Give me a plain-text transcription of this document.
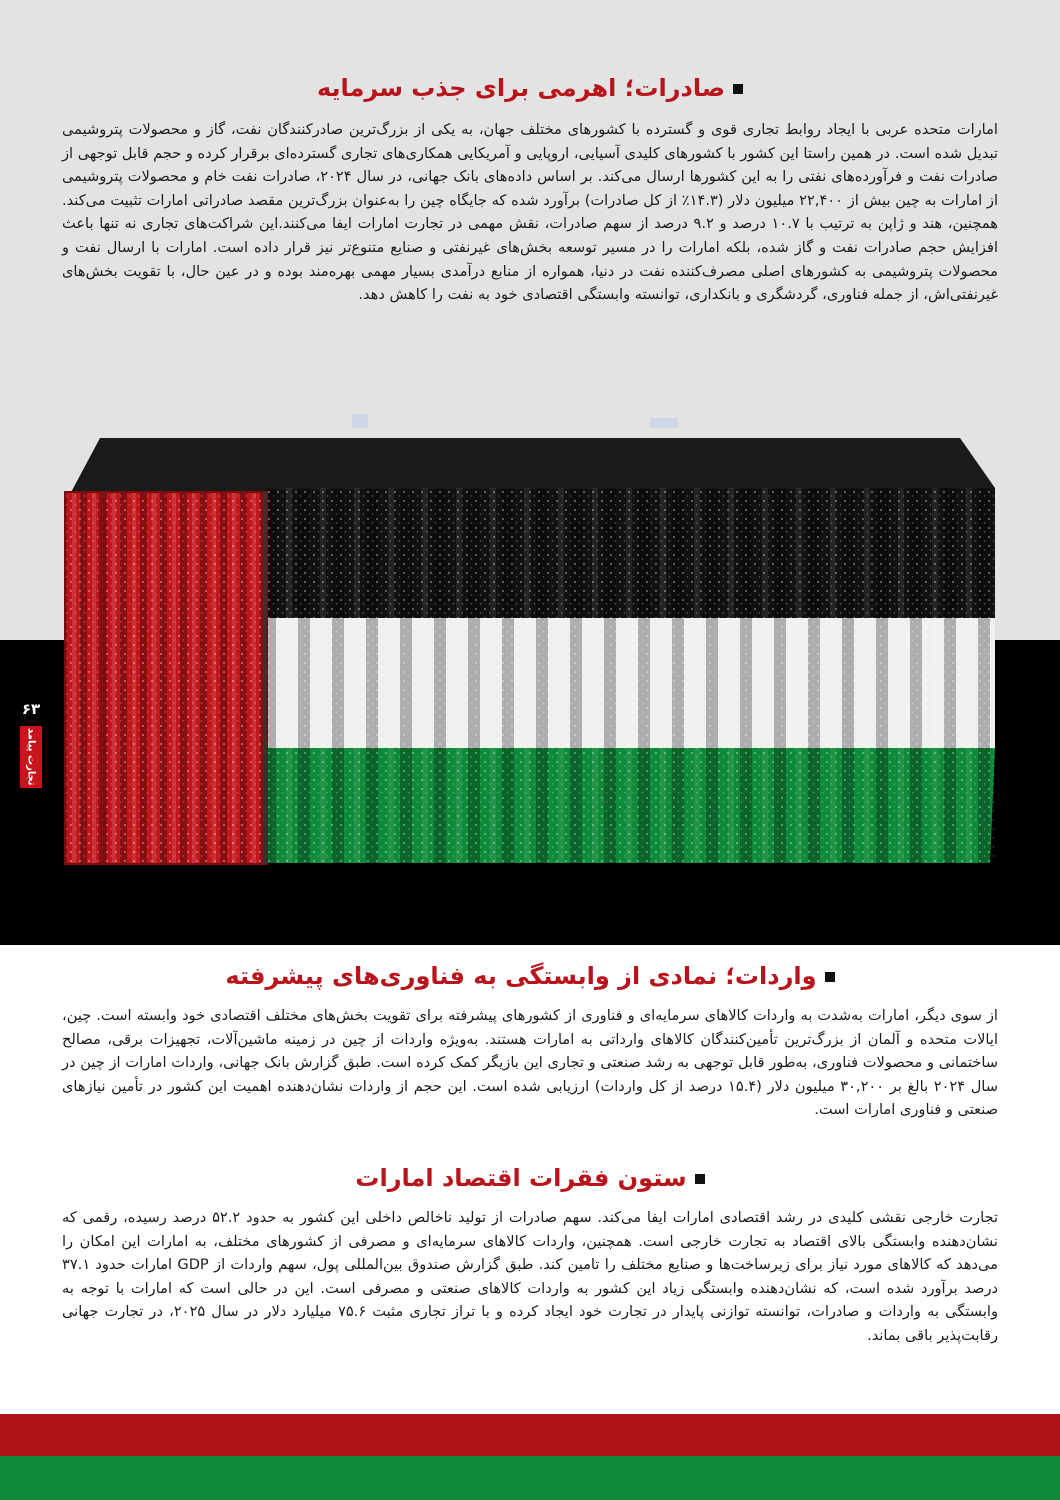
صادرات؛ اهرمی برای جذب سرمایه

امارات متحده عربی با ایجاد روابط تجاری قوی و گسترده با کشورهای مختلف جهان، به یکی از بزرگ‌ترین صادرکنندگان نفت، گاز و محصولات پتروشیمی تبدیل شده است. در همین راستا این کشور با کشورهای کلیدی آسیایی، اروپایی و آمریکایی همکاری‌های تجاری گسترده‌ای برقرار کرده و حجم قابل توجهی از صادرات نفت و فرآورده‌های نفتی را به این کشورها ارسال می‌کند. بر اساس داده‌های بانک جهانی، در سال ۲۰۲۴، صادرات نفت خام و محصولات پتروشیمی از امارات به چین بیش از ۲۲,۴۰۰ میلیون دلار (۱۴.۳٪ از کل صادرات) برآورد شده که جایگاه چین را به‌عنوان بزرگ‌ترین مقصد صادراتی امارات تثبیت می‌کند. همچنین، هند و ژاپن به ترتیب با ۱۰.۷ درصد و ۹.۲ درصد از سهم صادرات، نقش مهمی در تجارت امارات ایفا می‌کنند.این شراکت‌های تجاری نه تنها باعث افزایش حجم صادرات نفت و گاز شده، بلکه امارات را در مسیر توسعه بخش‌های غیرنفتی و صنایع متنوع‌تر نیز قرار داده است. امارات با ارسال نفت و محصولات پتروشیمی به کشورهای اصلی مصرف‌کننده نفت در دنیا، همواره از منابع درآمدی بسیار مهمی بهره‌مند بوده و در عین حال، با تقویت بخش‌های غیرنفتی‌اش، از جمله فناوری، گردشگری و بانکداری، توانسته وابستگی اقتصادی خود به نفت را کاهش دهد.

۶۳
تجارت پیامد
واردات؛ نمادی از وابستگی به فناوری‌های پیشرفته

از سوی دیگر، امارات به‌شدت به واردات کالاهای سرمایه‌ای و فناوری از کشورهای پیشرفته برای تقویت بخش‌های مختلف اقتصادی خود وابسته است. چین، ایالات متحده و آلمان از بزرگ‌ترین تأمین‌کنندگان کالاهای وارداتی به امارات هستند. به‌ویژه واردات از چین در زمینه ماشین‌آلات، تجهیزات برقی، مصالح ساختمانی و محصولات فناوری، به‌طور قابل توجهی به رشد صنعتی و تجاری این بازیگر کمک کرده است. طبق گزارش بانک جهانی، واردات امارات از چین در سال ۲۰۲۴ بالغ بر ۳۰,۲۰۰ میلیون دلار (۱۵.۴ درصد از کل واردات) ارزیابی شده است. این حجم از واردات نشان‌دهنده اهمیت این کشور در تأمین نیازهای صنعتی و فناوری امارات است.

ستون فقرات اقتصاد امارات

تجارت خارجی نقشی کلیدی در رشد اقتصادی امارات ایفا می‌کند. سهم صادرات از تولید ناخالص داخلی این کشور به حدود ۵۲.۲ درصد رسیده، رقمی که نشان‌دهنده وابستگی بالای اقتصاد به تجارت خارجی است. همچنین، واردات کالاهای سرمایه‌ای و مصرفی از کشورهای مختلف، به امارات این امکان را می‌دهد که کالاهای مورد نیاز برای زیرساخت‌ها و صنایع مختلف را تامین کند. طبق گزارش صندوق بین‌المللی پول، سهم واردات از GDP امارات حدود ۳۷.۱ درصد برآورد شده است، که نشان‌دهنده وابستگی زیاد این کشور به واردات کالاهای صنعتی و مصرفی است. این در حالی است که امارات با توجه به وابستگی به واردات و صادرات، توانسته توازنی پایدار در تجارت خود ایجاد کرده و با تراز تجاری مثبت ۷۵.۶ میلیارد دلار در سال ۲۰۲۵، در تجارت جهانی رقابت‌پذیر باقی بماند.
